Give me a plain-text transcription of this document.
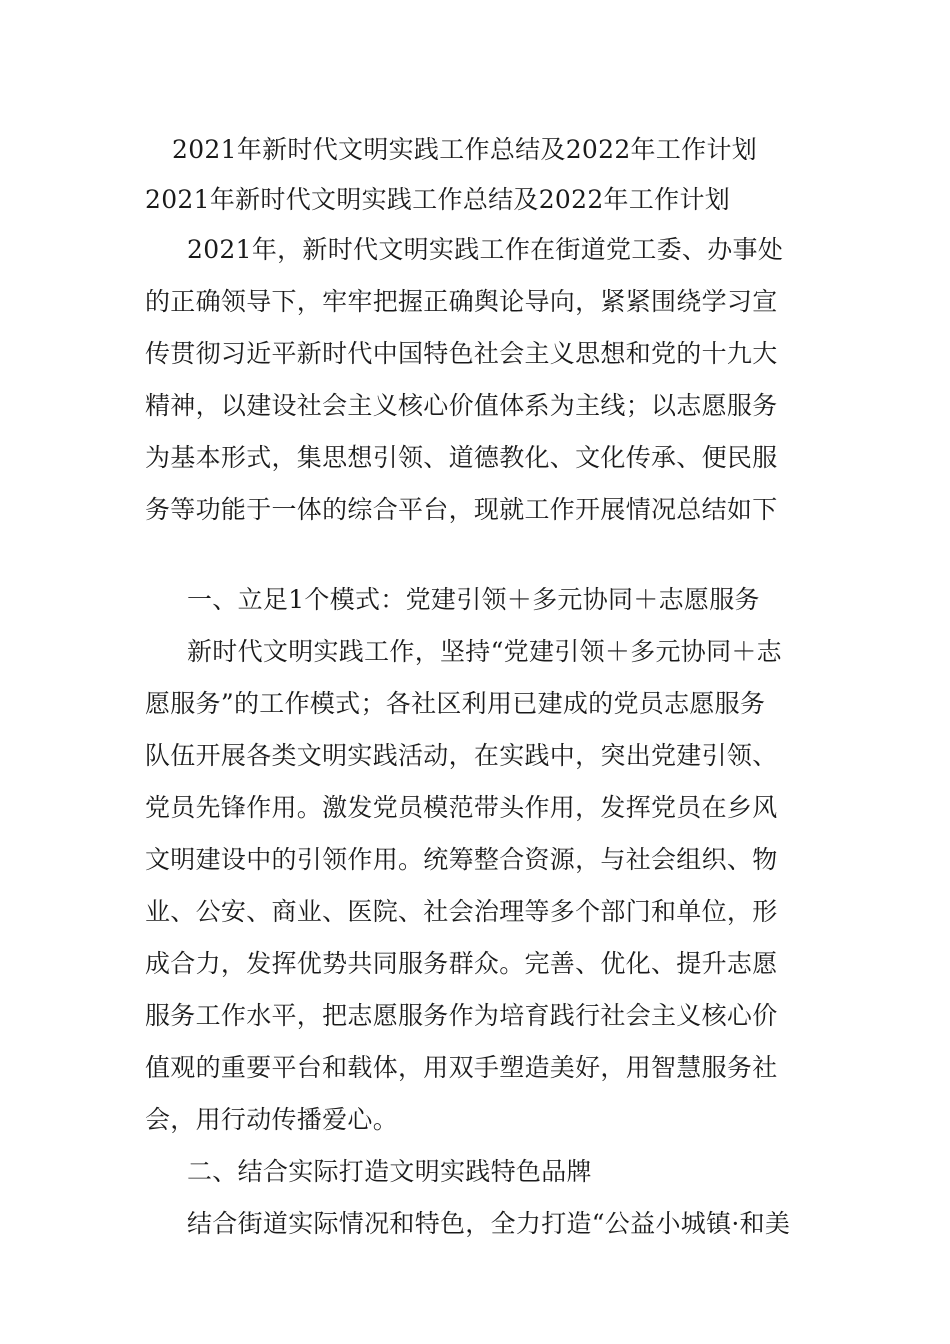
2021年新时代文明实践工作总结及2022年工作计划
2021年新时代文明实践工作总结及2022年工作计划
2021年，新时代文明实践工作在街道党工委、办事处
的正确领导下，牢牢把握正确舆论导向，紧紧围绕学习宣
传贯彻习近平新时代中国特色社会主义思想和党的十九大
精神，以建设社会主义核心价值体系为主线；以志愿服务
为基本形式，集思想引领、道德教化、文化传承、便民服
务等功能于一体的综合平台，现就工作开展情况总结如下
一、立足1个模式：党建引领＋多元协同＋志愿服务
新时代文明实践工作，坚持“党建引领＋多元协同＋志
愿服务”的工作模式；各社区利用已建成的党员志愿服务
队伍开展各类文明实践活动，在实践中，突出党建引领、
党员先锋作用。激发党员模范带头作用，发挥党员在乡风
文明建设中的引领作用。统筹整合资源，与社会组织、物
业、公安、商业、医院、社会治理等多个部门和单位，形
成合力，发挥优势共同服务群众。完善、优化、提升志愿
服务工作水平，把志愿服务作为培育践行社会主义核心价
值观的重要平台和载体，用双手塑造美好，用智慧服务社
会，用行动传播爱心。
二、结合实际打造文明实践特色品牌
结合街道实际情况和特色，全力打造“公益小城镇·和美
